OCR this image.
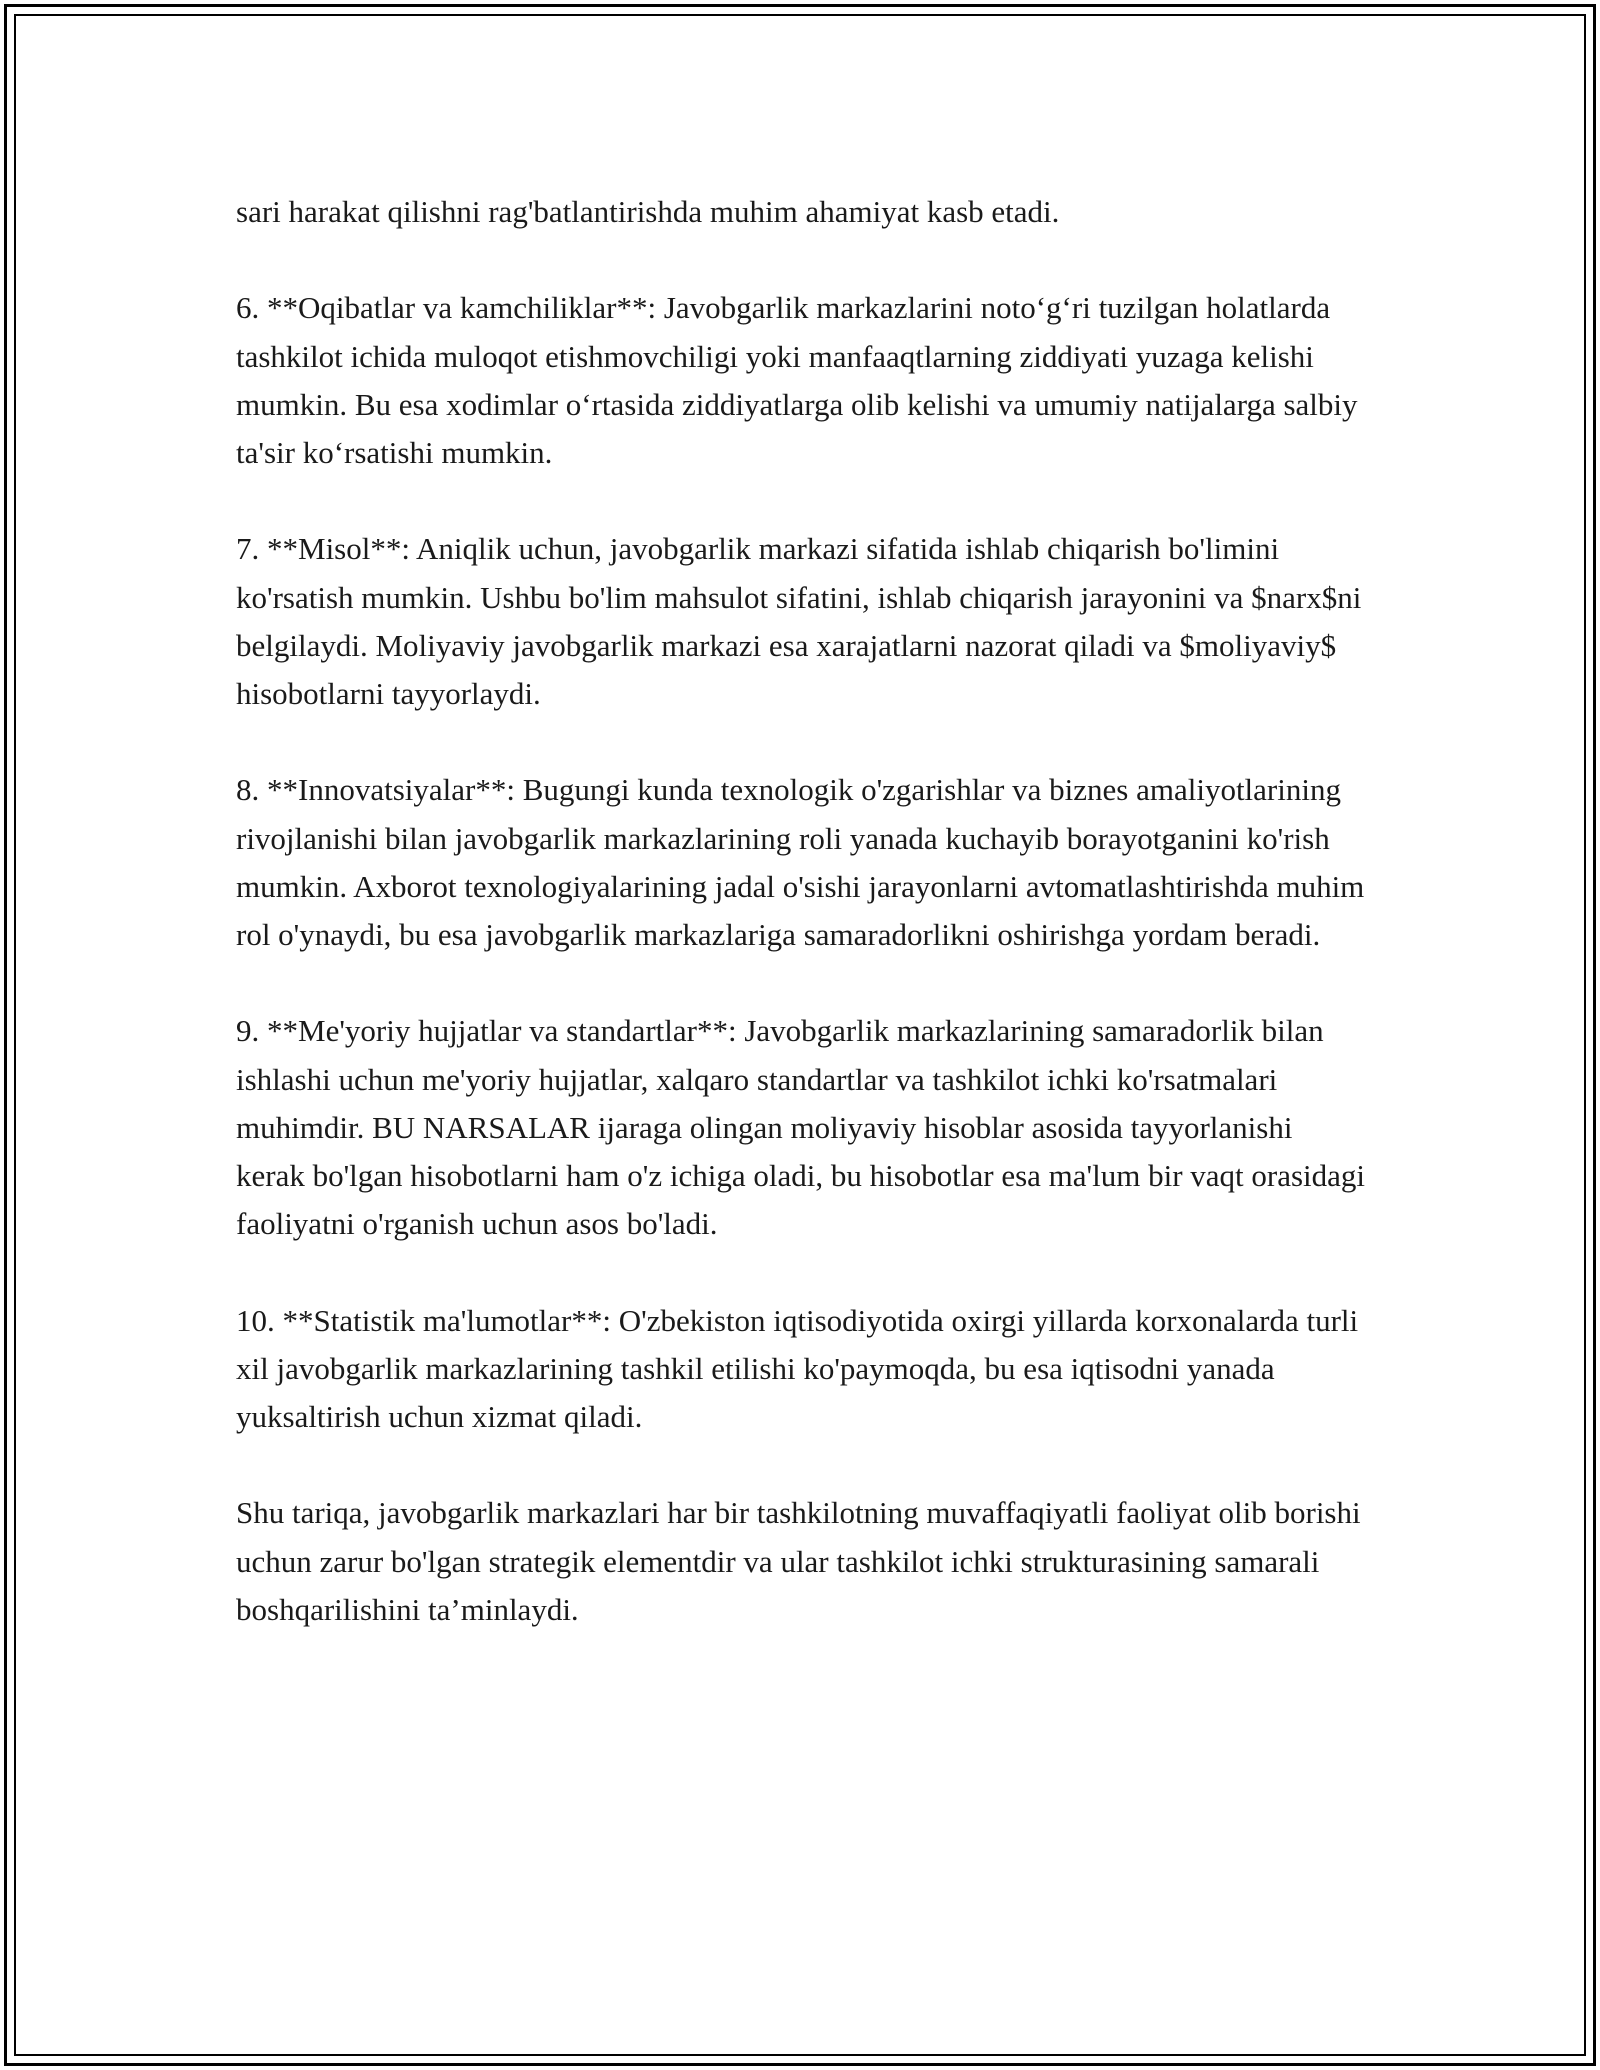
sari harakat qilishni rag'batlantirishda muhim ahamiyat kasb etadi.

6. **Oqibatlar va kamchiliklar**: Javobgarlik markazlarini noto‘g‘ri tuzilgan holatlarda tashkilot ichida muloqot etishmovchiligi yoki manfaaqtlarning ziddiyati yuzaga kelishi mumkin. Bu esa xodimlar o‘rtasida ziddiyatlarga olib kelishi va umumiy natijalarga salbiy ta'sir ko‘rsatishi mumkin.

7. **Misol**: Aniqlik uchun, javobgarlik markazi sifatida ishlab chiqarish bo'limini ko'rsatish mumkin. Ushbu bo'lim mahsulot sifatini, ishlab chiqarish jarayonini va $narx$ni belgilaydi. Moliyaviy javobgarlik markazi esa xarajatlarni nazorat qiladi va $moliyaviy$ hisobotlarni tayyorlaydi.

8. **Innovatsiyalar**: Bugungi kunda texnologik o'zgarishlar va biznes amaliyotlarining rivojlanishi bilan javobgarlik markazlarining roli yanada kuchayib borayotganini ko'rish mumkin. Axborot texnologiyalarining jadal o'sishi jarayonlarni avtomatlashtirishda muhim rol o'ynaydi, bu esa javobgarlik markazlariga samaradorlikni oshirishga yordam beradi.

9. **Me'yoriy hujjatlar va standartlar**: Javobgarlik markazlarining samaradorlik bilan ishlashi uchun me'yoriy hujjatlar, xalqaro standartlar va tashkilot ichki ko'rsatmalari muhimdir. BU NARSALAR ijaraga olingan moliyaviy hisoblar asosida tayyorlanishi kerak bo'lgan hisobotlarni ham o'z ichiga oladi, bu hisobotlar esa ma'lum bir vaqt orasidagi faoliyatni o'rganish uchun asos bo'ladi.

10. **Statistik ma'lumotlar**: O'zbekiston iqtisodiyotida oxirgi yillarda korxonalarda turli xil javobgarlik markazlarining tashkil etilishi ko'paymoqda, bu esa iqtisodni yanada yuksaltirish uchun xizmat qiladi.

Shu tariqa, javobgarlik markazlari har bir tashkilotning muvaffaqiyatli faoliyat olib borishi uchun zarur bo'lgan strategik elementdir va ular tashkilot ichki strukturasining samarali boshqarilishini ta’minlaydi.
